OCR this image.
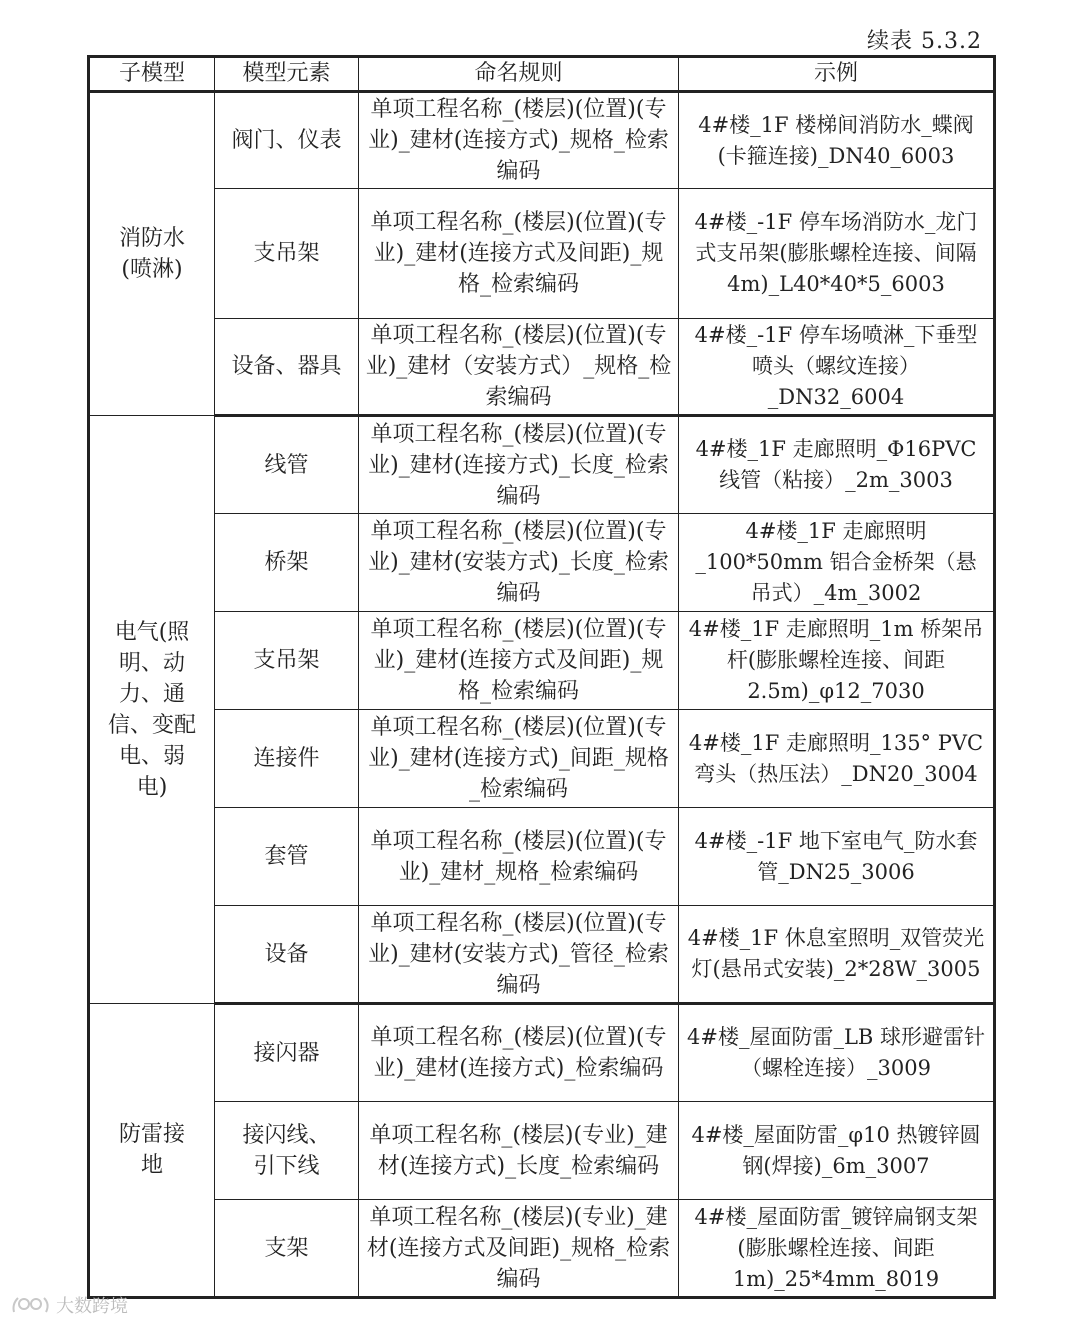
续表 5.3.2
子模型	模型元素	命名规则	示例
消防水(喷淋)	阀门、仪表	单项工程名称_(楼层)(位置)(专业)_建材(连接方式)_规格_检索编码	4#楼_1F 楼梯间消防水_蝶阀(卡箍连接)_DN40_6003
	支吊架	单项工程名称_(楼层)(位置)(专业)_建材(连接方式及间距)_规格_检索编码	4#楼_-1F 停车场消防水_龙门式支吊架(膨胀螺栓连接、间隔4m)_L40*40*5_6003
	设备、器具	单项工程名称_(楼层)(位置)(专业)_建材（安装方式）_规格_检索编码	4#楼_-1F 停车场喷淋_下垂型喷头（螺纹连接）_DN32_6004
电气(照明、动力、通信、变配电、弱电)	线管	单项工程名称_(楼层)(位置)(专业)_建材(连接方式)_长度_检索编码	4#楼_1F 走廊照明_Φ16PVC 线管（粘接）_2m_3003
	桥架	单项工程名称_(楼层)(位置)(专业)_建材(安装方式)_长度_检索编码	4#楼_1F 走廊照明_100*50mm 铝合金桥架（悬吊式）_4m_3002
	支吊架	单项工程名称_(楼层)(位置)(专业)_建材(连接方式及间距)_规格_检索编码	4#楼_1F 走廊照明_1m 桥架吊杆(膨胀螺栓连接、间距2.5m)_φ12_7030
	连接件	单项工程名称_(楼层)(位置)(专业)_建材(连接方式)_间距_规格_检索编码	4#楼_1F 走廊照明_135° PVC 弯头（热压法）_DN20_3004
	套管	单项工程名称_(楼层)(位置)(专业)_建材_规格_检索编码	4#楼_-1F 地下室电气_防水套管_DN25_3006
	设备	单项工程名称_(楼层)(位置)(专业)_建材(安装方式)_管径_检索编码	4#楼_1F 休息室照明_双管荧光灯(悬吊式安装)_2*28W_3005
防雷接地	接闪器	单项工程名称_(楼层)(位置)(专业)_建材(连接方式)_检索编码	4#楼_屋面防雷_LB 球形避雷针（螺栓连接）_3009
	接闪线、引下线	单项工程名称_(楼层)(专业)_建材(连接方式)_长度_检索编码	4#楼_屋面防雷_φ10 热镀锌圆钢(焊接)_6m_3007
	支架	单项工程名称_(楼层)(专业)_建材(连接方式及间距)_规格_检索编码	4#楼_屋面防雷_镀锌扁钢支架(膨胀螺栓连接、间距1m)_25*4mm_8019
大数跨境
